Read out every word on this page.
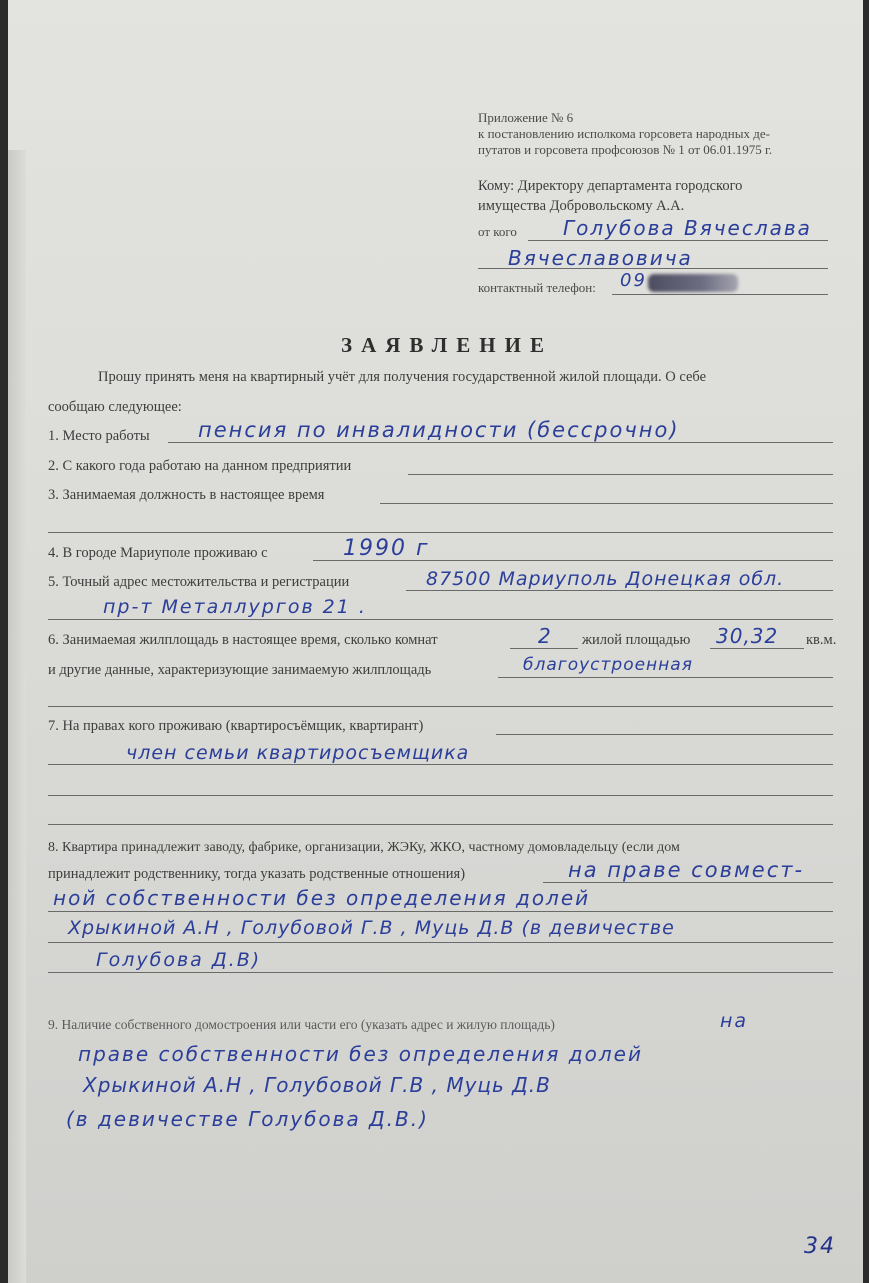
Приложение № 6
к постановлению исполкома горсовета народных де-
путатов и горсовета профсоюзов № 1 от 06.01.1975 г.
Кому: Директору департамента городского
имущества Добровольскому А.А.
от кого Голубова Вячеслава
Вячеславовича
контактный телефон: 09
ЗАЯВЛЕНИЕ
Прошу принять меня на квартирный учёт для получения государственной жилой площади. О себе
сообщаю следующее:
1. Место работы пенсия по инвалидности (бессрочно)
2. С какого года работаю на данном предприятии
3. Занимаемая должность в настоящее время
4. В городе Мариуполе проживаю с	1990 г
5. Точный адрес местожительства и регистрации	87500 Мариуполь Донецкая обл.
пр-т Металлургов 21 .
6. Занимаемая жилплощадь в настоящее время, сколько комнат	2 жилой площадью 30,32 кв.м.
и другие данные, характеризующие занимаемую жилплощадь	благоустроенная
7. На правах кого проживаю (квартиросъёмщик, квартирант)
член семьи квартиросъемщика
8. Квартира принадлежит заводу, фабрике, организации, ЖЭКу, ЖКО, частному домовладельцу (если дом
принадлежит родственнику, тогда указать родственные отношения)	на праве совмест-
ной собственности без определения долей
Хрыкиной А.Н , Голубовой Г.В , Муць Д.В (в девичестве
Голубова Д.В)
9. Наличие собственного домостроения или части его (указать адрес и жилую площадь)	на
праве собственности без определения долей
Хрыкиной А.Н , Голубовой Г.В , Муць Д.В
(в девичестве Голубова Д.В.)
34
